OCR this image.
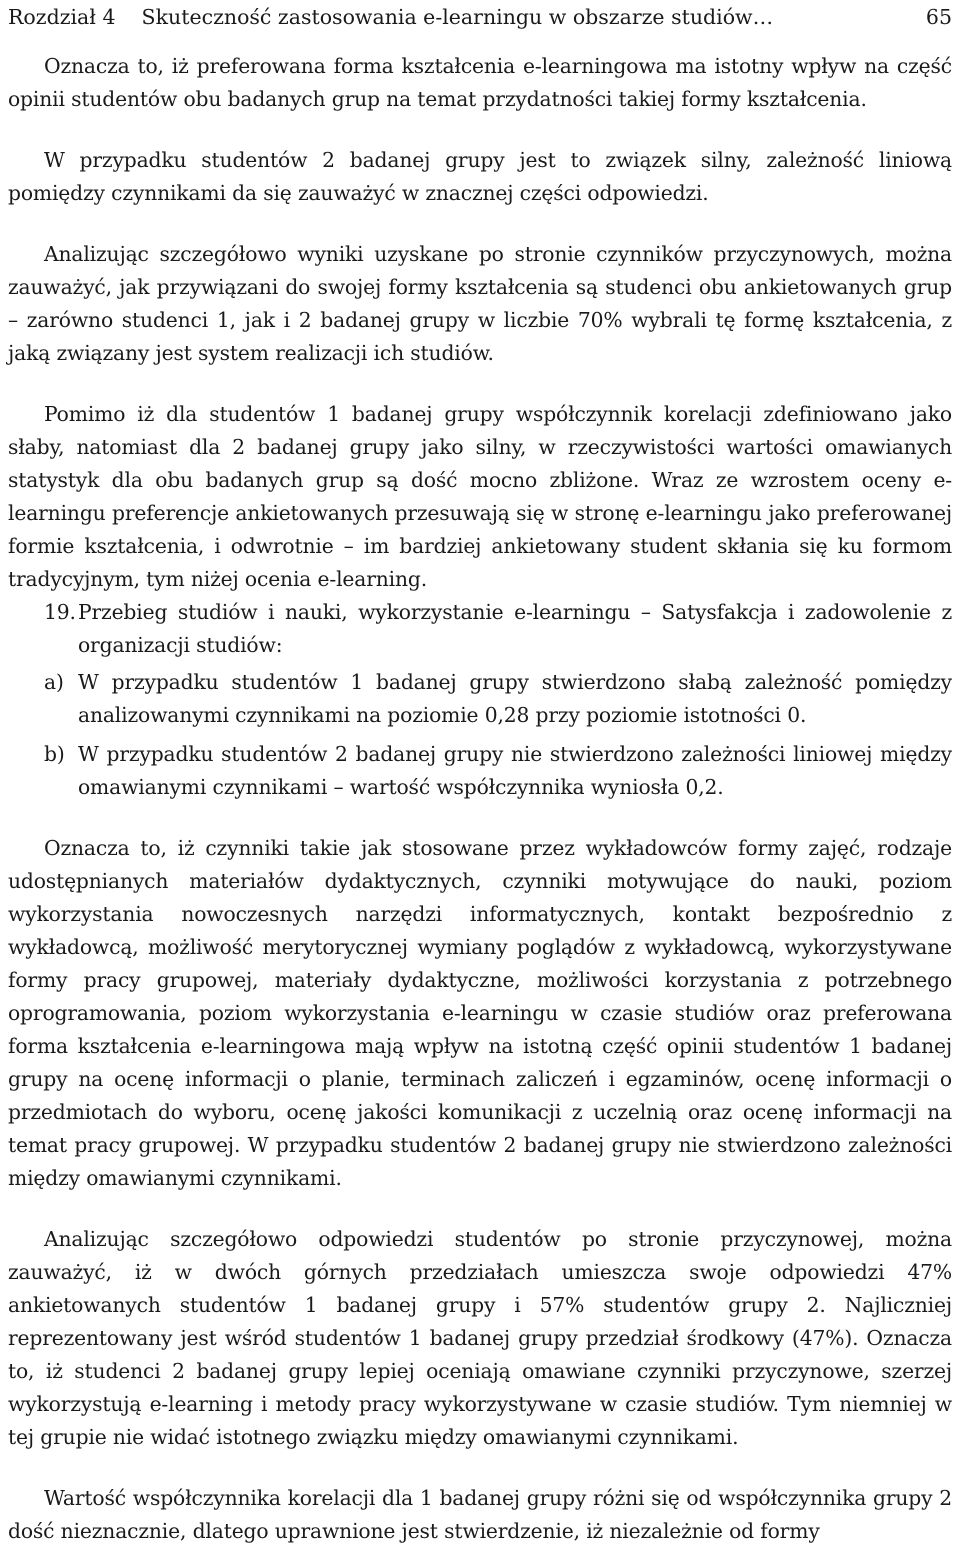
Rozdział 4    Skuteczność zastosowania e-learningu w obszarze studiów…	65

Oznacza to, iż preferowana forma kształcenia e-learningowa ma istotny wpływ na część opinii studentów obu badanych grup na temat przydatności takiej formy kształcenia.

W przypadku studentów 2 badanej grupy jest to związek silny, zależność liniową pomiędzy czynnikami da się zauważyć w znacznej części odpowiedzi.

Analizując szczegółowo wyniki uzyskane po stronie czynników przyczynowych, można zauważyć, jak przywiązani do swojej formy kształcenia są studenci obu ankietowanych grup – zarówno studenci 1, jak i 2 badanej grupy w liczbie 70% wybrali tę formę kształcenia, z jaką związany jest system realizacji ich studiów.

Pomimo iż dla studentów 1 badanej grupy współczynnik korelacji zdefiniowano jako słaby, natomiast dla 2 badanej grupy jako silny, w rzeczywistości wartości omawianych statystyk dla obu badanych grup są dość mocno zbliżone. Wraz ze wzrostem oceny e-learningu preferencje ankietowanych przesuwają się w stronę e-learningu jako preferowanej formie kształcenia, i odwrotnie – im bardziej ankietowany student skłania się ku formom tradycyjnym, tym niżej ocenia e-learning.

19. Przebieg studiów i nauki, wykorzystanie e-learningu – Satysfakcja i zadowolenie z organizacji studiów:
a) W przypadku studentów 1 badanej grupy stwierdzono słabą zależność pomiędzy analizowanymi czynnikami na poziomie 0,28 przy poziomie istotności 0.
b) W przypadku studentów 2 badanej grupy nie stwierdzono zależności liniowej między omawianymi czynnikami – wartość współczynnika wyniosła 0,2.

Oznacza to, iż czynniki takie jak stosowane przez wykładowców formy zajęć, rodzaje udostępnianych materiałów dydaktycznych, czynniki motywujące do nauki, poziom wykorzystania nowoczesnych narzędzi informatycznych, kontakt bezpośrednio z wykładowcą, możliwość merytorycznej wymiany poglądów z wykładowcą, wykorzystywane formy pracy grupowej, materiały dydaktyczne, możliwości korzystania z potrzebnego oprogramowania, poziom wykorzystania e-learningu w czasie studiów oraz preferowana forma kształcenia e-learningowa mają wpływ na istotną część opinii studentów 1 badanej grupy na ocenę informacji o planie, terminach zaliczeń i egzaminów, ocenę informacji o przedmiotach do wyboru, ocenę jakości komunikacji z uczelnią oraz ocenę informacji na temat pracy grupowej. W przypadku studentów 2 badanej grupy nie stwierdzono zależności między omawianymi czynnikami.

Analizując szczegółowo odpowiedzi studentów po stronie przyczynowej, można zauważyć, iż w dwóch górnych przedziałach umieszcza swoje odpowiedzi 47% ankietowanych studentów 1 badanej grupy i 57% studentów grupy 2. Najliczniej reprezentowany jest wśród studentów 1 badanej grupy przedział środkowy (47%). Oznacza to, iż studenci 2 badanej grupy lepiej oceniają omawiane czynniki przyczynowe, szerzej wykorzystują e-learning i metody pracy wykorzystywane w czasie studiów. Tym niemniej w tej grupie nie widać istotnego związku między omawianymi czynnikami.

Wartość współczynnika korelacji dla 1 badanej grupy różni się od współczynnika grupy 2 dość nieznacznie, dlatego uprawnione jest stwierdzenie, iż niezależnie od formy
